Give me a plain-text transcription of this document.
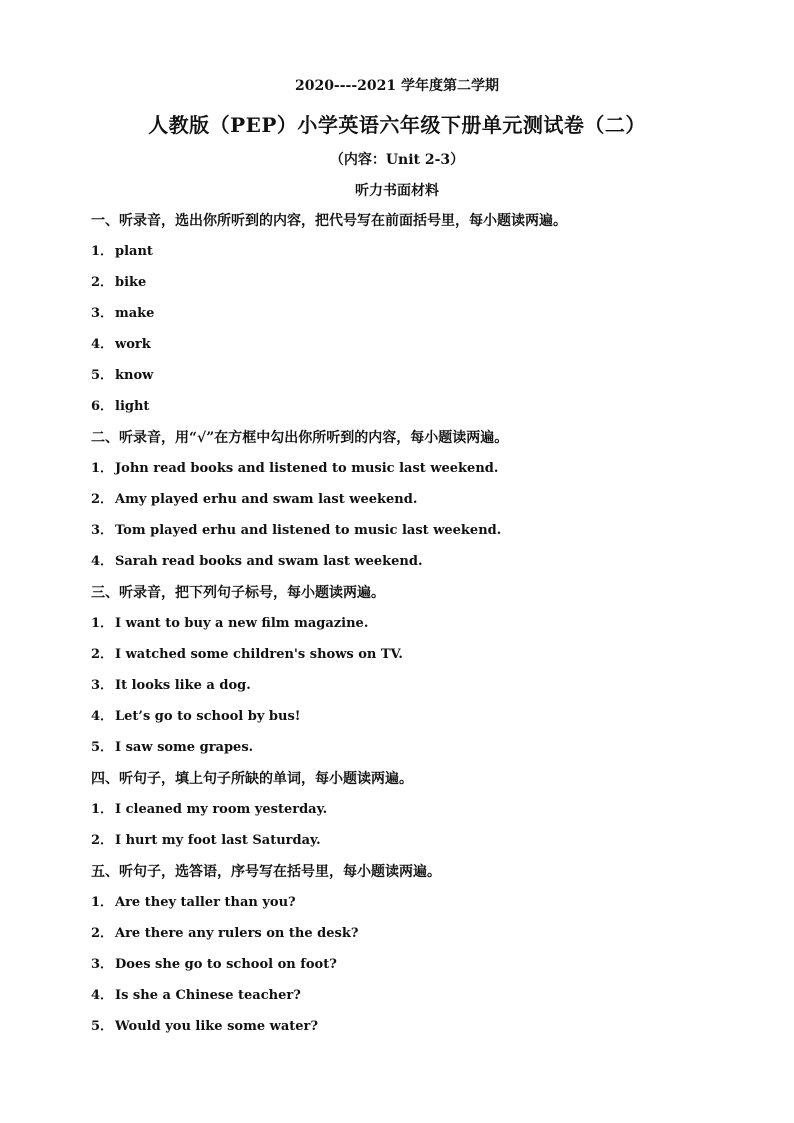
2020----2021 学年度第二学期
人教版（PEP）小学英语六年级下册单元测试卷（二）
（内容：Unit 2-3）
听力书面材料
一、听录音，选出你所听到的内容，把代号写在前面括号里，每小题读两遍。
1． plant
2． bike
3． make
4． work
5． know
6． light
二、听录音，用“√”在方框中勾出你所听到的内容，每小题读两遍。
1． John read books and listened to music last weekend.
2． Amy played erhu and swam last weekend.
3． Tom played erhu and listened to music last weekend.
4． Sarah read books and swam last weekend.
三、听录音，把下列句子标号，每小题读两遍。
1． I want to buy a new film magazine.
2． I watched some children's shows on TV.
3． It looks like a dog.
4． Let’s go to school by bus!
5． I saw some grapes.
四、听句子，填上句子所缺的单词，每小题读两遍。
1． I cleaned my room yesterday.
2． I hurt my foot last Saturday.
五、听句子，选答语，序号写在括号里，每小题读两遍。
1． Are they taller than you?
2． Are there any rulers on the desk?
3． Does she go to school on foot?
4． Is she a Chinese teacher?
5． Would you like some water?
